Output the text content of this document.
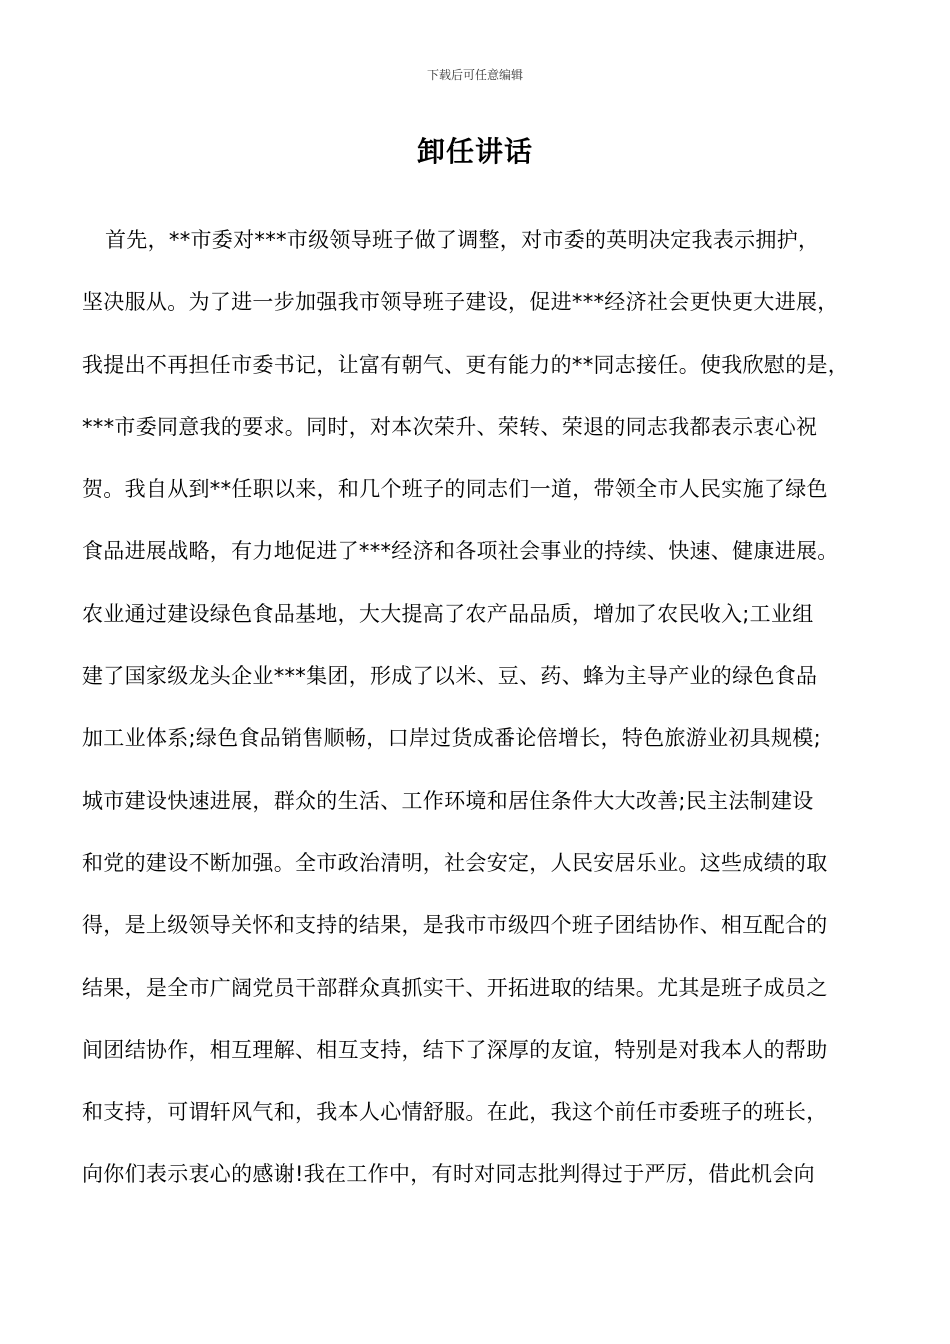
下载后可任意编辑
卸任讲话
首先，**市委对***市级领导班子做了调整，对市委的英明决定我表示拥护，
坚决服从。为了进一步加强我市领导班子建设，促进***经济社会更快更大进展，
我提出不再担任市委书记，让富有朝气、更有能力的**同志接任。使我欣慰的是，
***市委同意我的要求。同时，对本次荣升、荣转、荣退的同志我都表示衷心祝
贺。我自从到**任职以来，和几个班子的同志们一道，带领全市人民实施了绿色
食品进展战略，有力地促进了***经济和各项社会事业的持续、快速、健康进展。
农业通过建设绿色食品基地，大大提高了农产品品质，增加了农民收入;工业组
建了国家级龙头企业***集团，形成了以米、豆、药、蜂为主导产业的绿色食品
加工业体系;绿色食品销售顺畅，口岸过货成番论倍增长，特色旅游业初具规模;
城市建设快速进展，群众的生活、工作环境和居住条件大大改善;民主法制建设
和党的建设不断加强。全市政治清明，社会安定，人民安居乐业。这些成绩的取
得，是上级领导关怀和支持的结果，是我市市级四个班子团结协作、相互配合的
结果，是全市广阔党员干部群众真抓实干、开拓进取的结果。尤其是班子成员之
间团结协作，相互理解、相互支持，结下了深厚的友谊，特别是对我本人的帮助
和支持，可谓轩风气和，我本人心情舒服。在此，我这个前任市委班子的班长，
向你们表示衷心的感谢!我在工作中，有时对同志批判得过于严厉，借此机会向
